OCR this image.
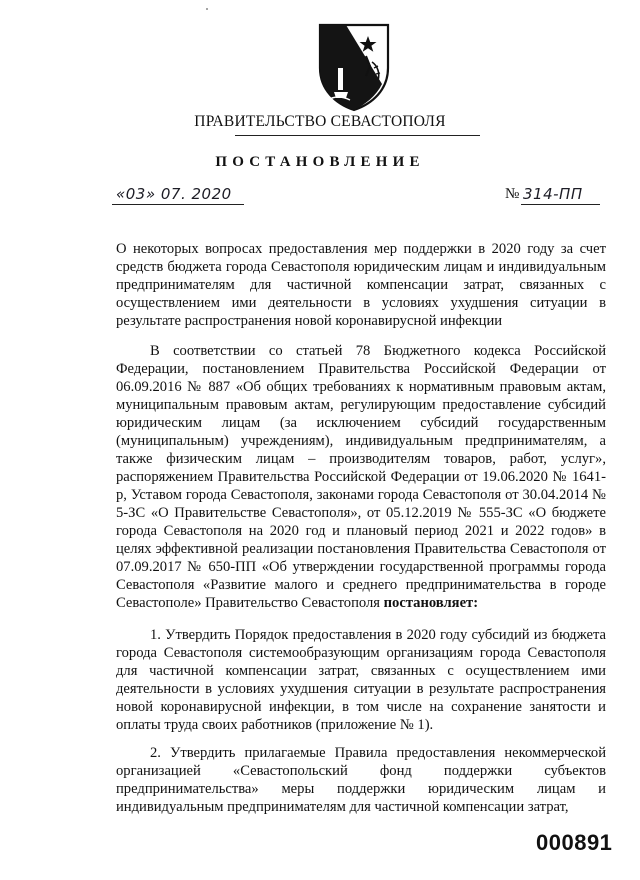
ПРАВИТЕЛЬСТВО СЕВАСТОПОЛЯ
ПОСТАНОВЛЕНИЕ
«03» 07. 2020	№ 314-ПП

О некоторых вопросах предоставления мер поддержки в 2020 году за счет средств бюджета города Севастополя юридическим лицам и индивидуальным предпринимателям для частичной компенсации затрат, связанных с осуществлением ими деятельности в условиях ухудшения ситуации в результате распространения новой коронавирусной инфекции

В соответствии со статьей 78 Бюджетного кодекса Российской Федерации, постановлением Правительства Российской Федерации от 06.09.2016 № 887 «Об общих требованиях к нормативным правовым актам, муниципальным правовым актам, регулирующим предоставление субсидий юридическим лицам (за исключением субсидий государственным (муниципальным) учреждениям), индивидуальным предпринимателям, а также физическим лицам – производителям товаров, работ, услуг», распоряжением Правительства Российской Федерации от 19.06.2020 № 1641-р, Уставом города Севастополя, законами города Севастополя от 30.04.2014 № 5-ЗС «О Правительстве Севастополя», от 05.12.2019 № 555-ЗС «О бюджете города Севастополя на 2020 год и плановый период 2021 и 2022 годов» в целях эффективной реализации постановления Правительства Севастополя от 07.09.2017 № 650-ПП «Об утверждении государственной программы города Севастополя «Развитие малого и среднего предпринимательства в городе Севастополе» Правительство Севастополя постановляет:

1. Утвердить Порядок предоставления в 2020 году субсидий из бюджета города Севастополя системообразующим организациям города Севастополя для частичной компенсации затрат, связанных с осуществлением ими деятельности в условиях ухудшения ситуации в результате распространения новой коронавирусной инфекции, в том числе на сохранение занятости и оплаты труда своих работников (приложение № 1).

2. Утвердить прилагаемые Правила предоставления некоммерческой организацией «Севастопольский фонд поддержки субъектов предпринимательства» меры поддержки юридическим лицам и индивидуальным предпринимателям для частичной компенсации затрат,

000891
